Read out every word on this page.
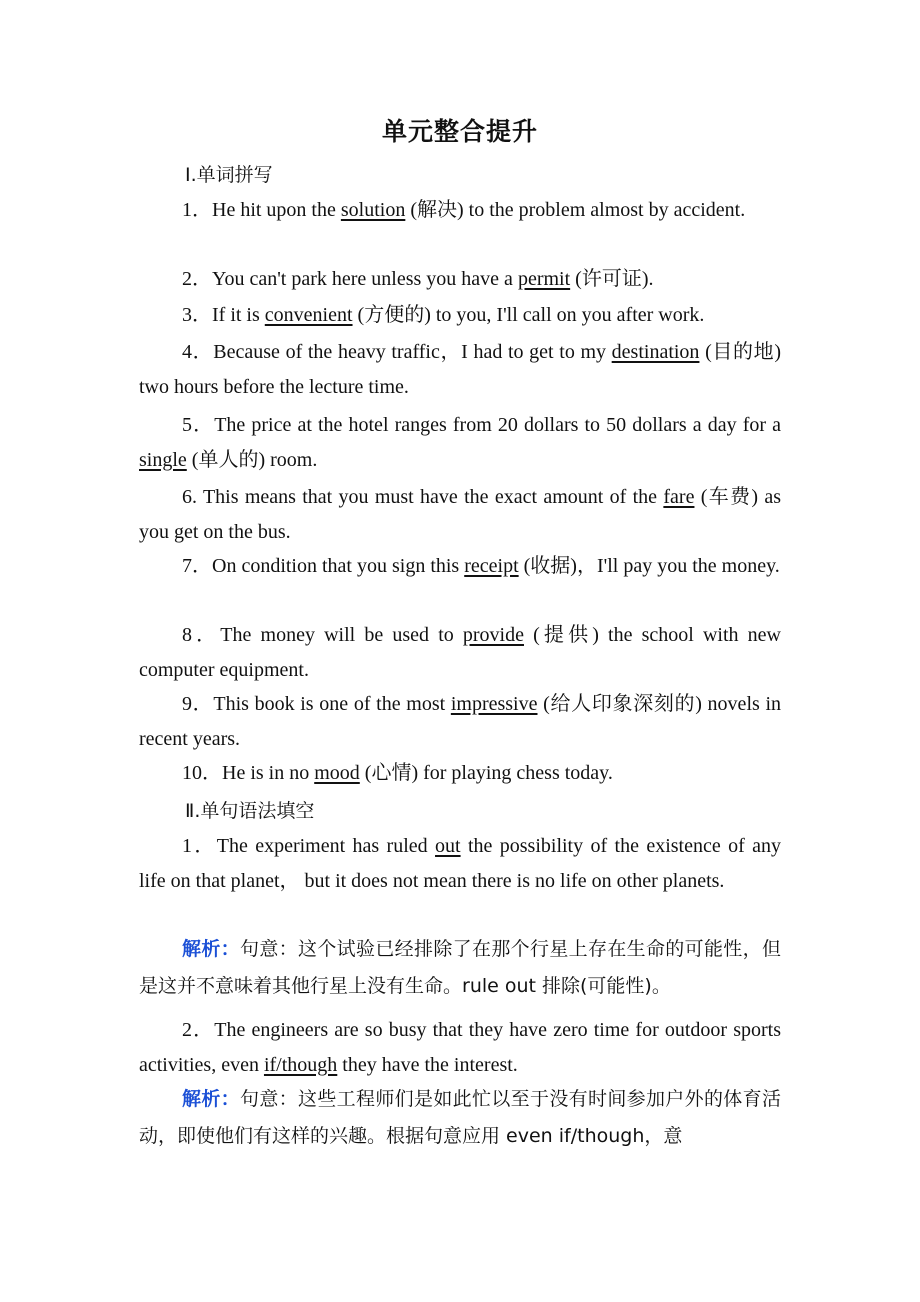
单元整合提升
Ⅰ.单词拼写
1．He hit upon the solution (解决) to the problem almost by accident.
2．You can't park here unless you have a permit (许可证).
3．If it is convenient (方便的) to you, I'll call on you after work.
4．Because of the heavy traffic，I had to get to my destination (目的地) two hours before the lecture time.
5．The price at the hotel ranges from 20 dollars to 50 dollars a day for a single (单人的) room.
6. This means that you must have the exact amount of the fare (车费) as you get on the bus.
7．On condition that you sign this receipt (收据)，I'll pay you the money.
8．The money will be used to provide (提供) the school with new computer equipment.
9．This book is one of the most impressive (给人印象深刻的) novels in recent years.
10．He is in no mood (心情) for playing chess today.
Ⅱ.单句语法填空
1．The experiment has ruled out the possibility of the existence of any life on that planet， but it does not mean there is no life on other planets.
解析：句意：这个试验已经排除了在那个行星上存在生命的可能性，但是这并不意味着其他行星上没有生命。rule out 排除(可能性)。
2．The engineers are so busy that they have zero time for outdoor sports activities, even if/though they have the interest.
解析：句意：这些工程师们是如此忙以至于没有时间参加户外的体育活动，即使他们有这样的兴趣。根据句意应用 even if/though，意
